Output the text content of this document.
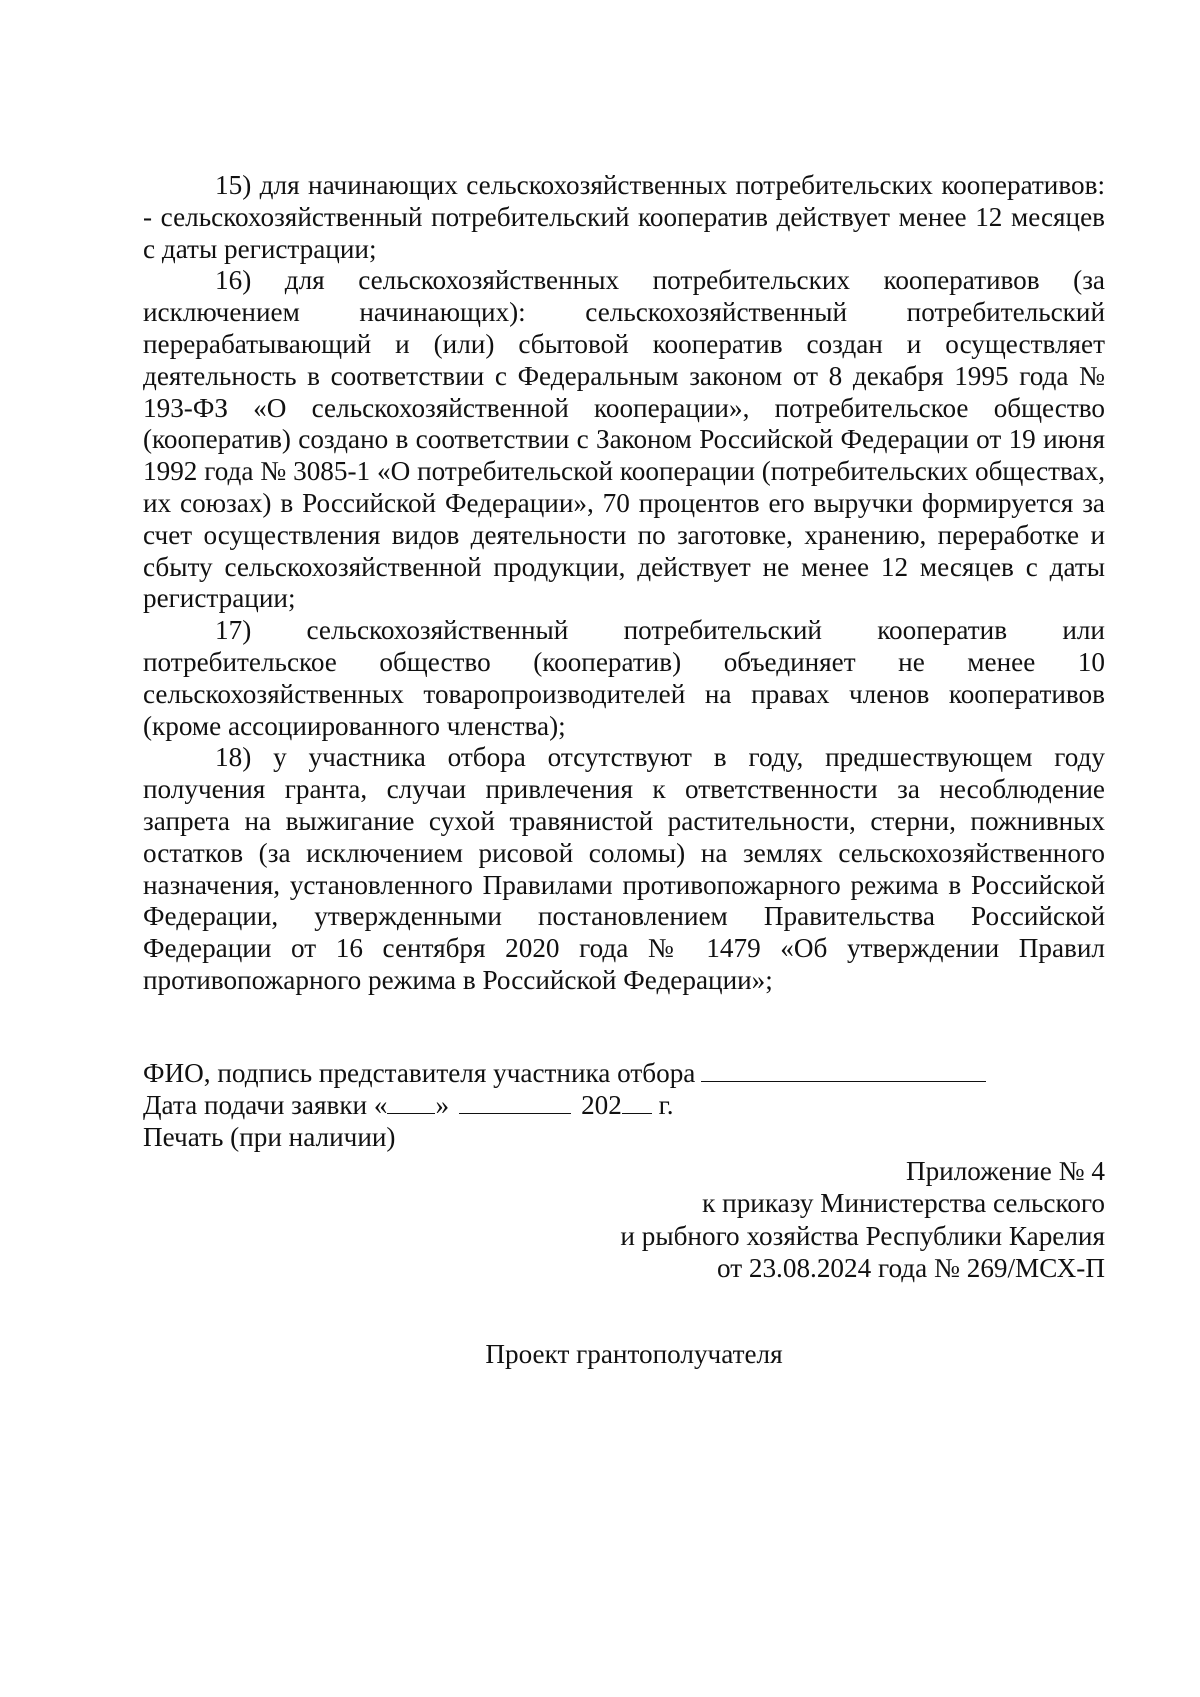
15) для начинающих сельскохозяйственных потребительских кооперативов: - сельскохозяйственный потребительский кооператив действует менее 12 месяцев с даты регистрации;

16) для сельскохозяйственных потребительских кооперативов (за исключением начинающих): сельскохозяйственный потребительский перерабатывающий и (или) сбытовой кооператив создан и осуществляет деятельность в соответствии с Федеральным законом от 8 декабря 1995 года № 193-ФЗ «О сельскохозяйственной кооперации», потребительское общество (кооператив) создано в соответствии с Законом Российской Федерации от 19 июня 1992 года № 3085-1 «О потребительской кооперации (потребительских обществах, их союзах) в Российской Федерации», 70 процентов его выручки формируется за счет осуществления видов деятельности по заготовке, хранению, переработке и сбыту сельскохозяйственной продукции, действует не менее 12 месяцев с даты регистрации;

17) сельскохозяйственный потребительский кооператив или потребительское общество (кооператив) объединяет не менее 10 сельскохозяйственных товаропроизводителей на правах членов кооперативов (кроме ассоциированного членства);

18) у участника отбора отсутствуют в году, предшествующем году получения гранта, случаи привлечения к ответственности за несоблюдение запрета на выжигание сухой травянистой растительности, стерни, пожнивных остатков (за исключением рисовой соломы) на землях сельскохозяйственного назначения, установленного Правилами противопожарного режима в Российской Федерации, утвержденными постановлением Правительства Российской Федерации от 16 сентября 2020 года № 1479 «Об утверждении Правил противопожарного режима в Российской Федерации»;

ФИО, подпись представителя участника отбора
Дата подачи заявки « »	202 г.
Печать (при наличии)
Приложение № 4
к приказу Министерства сельского
и рыбного хозяйства Республики Карелия
от 23.08.2024 года № 269/МСХ-П
Проект грантополучателя
